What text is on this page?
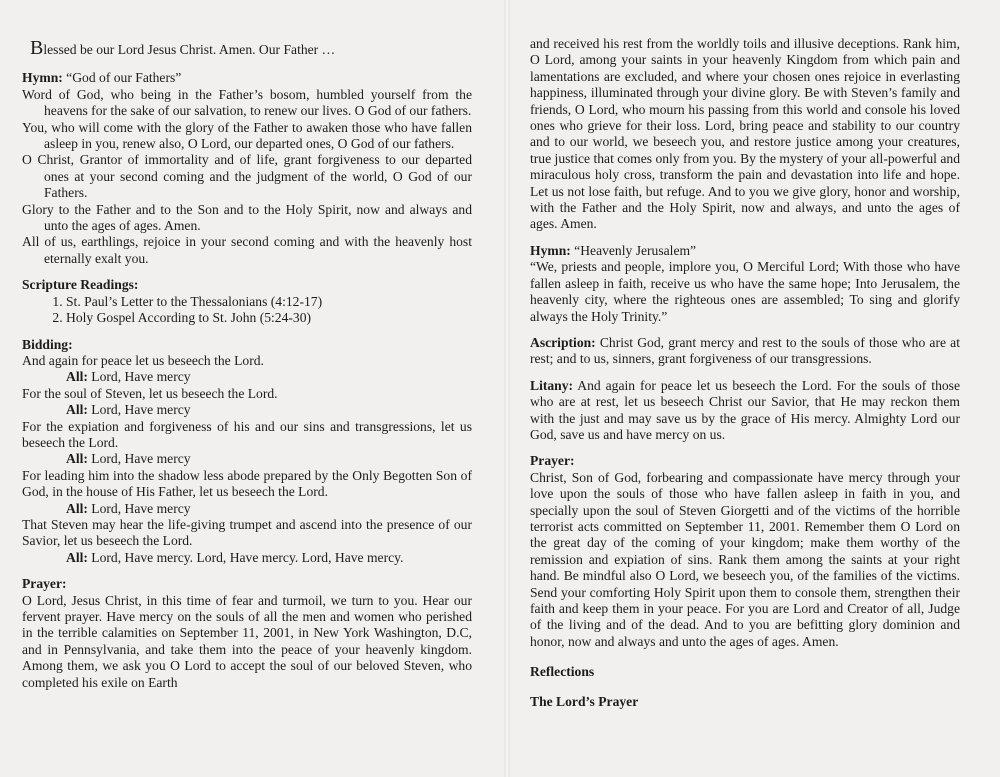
Blessed be our Lord Jesus Christ. Amen. Our Father …

Hymn: “God of our Fathers”

Word of God, who being in the Father’s bosom, humbled yourself from the heavens for the sake of our salvation, to renew our lives. O God of our fathers.

You, who will come with the glory of the Father to awaken those who have fallen asleep in you, renew also, O Lord, our departed ones, O God of our fathers.

O Christ, Grantor of immortality and of life, grant forgiveness to our departed ones at your second coming and the judgment of the world, O God of our Fathers.

Glory to the Father and to the Son and to the Holy Spirit, now and always and unto the ages of ages. Amen.

All of us, earthlings, rejoice in your second coming and with the heavenly host eternally exalt you.

Scripture Readings:

1. St. Paul’s Letter to the Thessalonians (4:12-17)
2. Holy Gospel According to St. John (5:24-30)

Bidding:

And again for peace let us beseech the Lord.

All: Lord, Have mercy

For the soul of Steven, let us beseech the Lord.

All: Lord, Have mercy

For the expiation and forgiveness of his and our sins and transgressions, let us beseech the Lord.

All: Lord, Have mercy

For leading him into the shadow less abode prepared by the Only Begotten Son of God, in the house of His Father, let us beseech the Lord.

All: Lord, Have mercy

That Steven may hear the life-giving trumpet and ascend into the presence of our Savior, let us beseech the Lord.

All: Lord, Have mercy. Lord, Have mercy. Lord, Have mercy.

Prayer:

O Lord, Jesus Christ, in this time of fear and turmoil, we turn to you. Hear our fervent prayer. Have mercy on the souls of all the men and women who perished in the terrible calamities on September 11, 2001, in New York Washington, D.C, and in Pennsylvania, and take them into the peace of your heavenly kingdom. Among them, we ask you O Lord to accept the soul of our beloved Steven, who completed his exile on Earth

and received his rest from the worldly toils and illusive deceptions. Rank him, O Lord, among your saints in your heavenly Kingdom from which pain and lamentations are excluded, and where your chosen ones rejoice in everlasting happiness, illuminated through your divine glory. Be with Steven’s family and friends, O Lord, who mourn his passing from this world and console his loved ones who grieve for their loss. Lord, bring peace and stability to our country and to our world, we beseech you, and restore justice among your creatures, true justice that comes only from you. By the mystery of your all-powerful and miraculous holy cross, transform the pain and devastation into life and hope. Let us not lose faith, but refuge. And to you we give glory, honor and worship, with the Father and the Holy Spirit, now and always, and unto the ages of ages. Amen.

Hymn: “Heavenly Jerusalem”

“We, priests and people, implore you, O Merciful Lord; With those who have fallen asleep in faith, receive us who have the same hope; Into Jerusalem, the heavenly city, where the righteous ones are assembled; To sing and glorify always the Holy Trinity.”

Ascription: Christ God, grant mercy and rest to the souls of those who are at rest; and to us, sinners, grant forgiveness of our transgressions.

Litany: And again for peace let us beseech the Lord. For the souls of those who are at rest, let us beseech Christ our Savior, that He may reckon them with the just and may save us by the grace of His mercy. Almighty Lord our God, save us and have mercy on us.

Prayer:

Christ, Son of God, forbearing and compassionate have mercy through your love upon the souls of those who have fallen asleep in faith in you, and specially upon the soul of Steven Giorgetti and of the victims of the horrible terrorist acts committed on September 11, 2001. Remember them O Lord on the great day of the coming of your kingdom; make them worthy of the remission and expiation of sins. Rank them among the saints at your right hand. Be mindful also O Lord, we beseech you, of the families of the victims. Send your comforting Holy Spirit upon them to console them, strengthen their faith and keep them in your peace. For you are Lord and Creator of all, Judge of the living and of the dead. And to you are befitting glory dominion and honor, now and always and unto the ages of ages. Amen.

Reflections
The Lord’s Prayer
